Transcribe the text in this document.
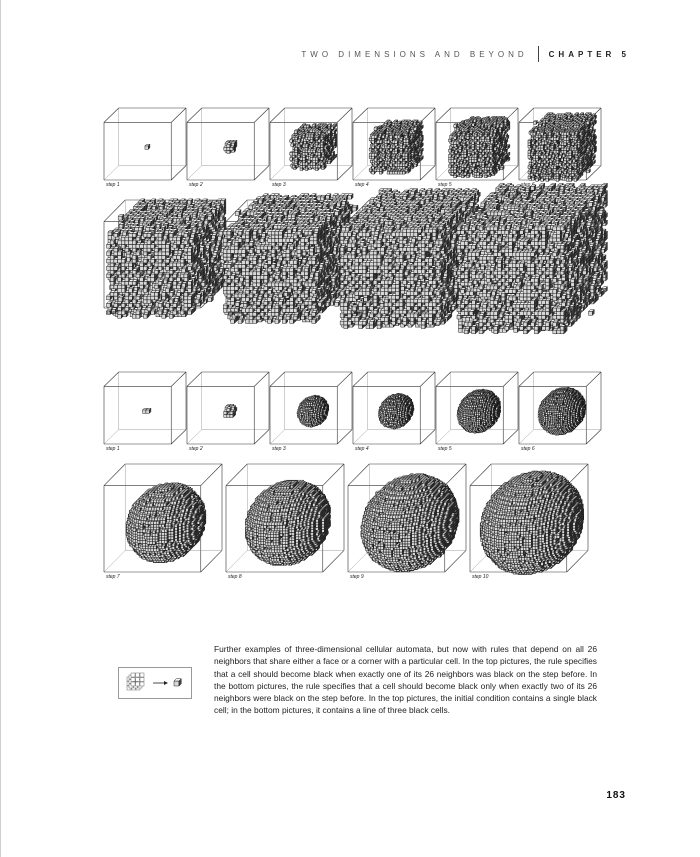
TWO DIMENSIONS AND BEYOND	CHAPTER 5
step 1	step 2	step 3	step 4	step 5	step 6
step 7	step 8	step 9	step 10
step 1	step 2	step 3	step 4	step 5	step 6
step 7	step 8	step 9	step 10
Further examples of three-dimensional cellular automata, but now with rules that depend on all 26 neighbors that share either a face or a corner with a particular cell. In the top pictures, the rule specifies that a cell should become black when exactly one of its 26 neighbors was black on the step before. In the bottom pictures, the rule specifies that a cell should become black only when exactly two of its 26 neighbors were black on the step before. In the top pictures, the initial condition contains a single black cell; in the bottom pictures, it contains a line of three black cells.
183
